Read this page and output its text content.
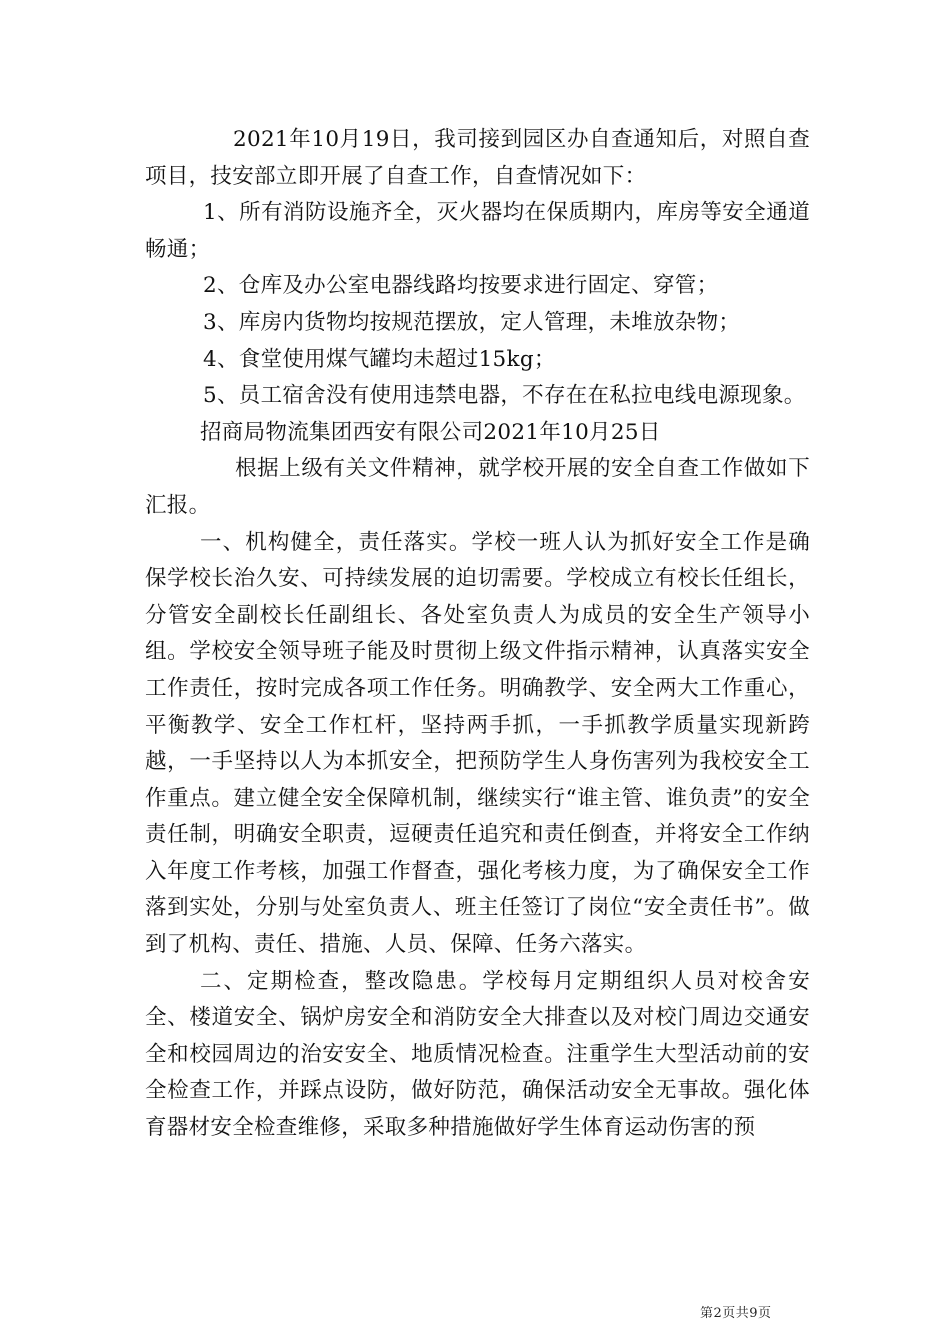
2021年10月19日，我司接到园区办自查通知后，对照自查项目，技安部立即开展了自查工作，自查情况如下：

1、所有消防设施齐全，灭火器均在保质期内，库房等安全通道畅通；

2、仓库及办公室电器线路均按要求进行固定、穿管；

3、库房内货物均按规范摆放，定人管理，未堆放杂物；

4、食堂使用煤气罐均未超过15kg；

5、员工宿舍没有使用违禁电器，不存在在私拉电线电源现象。

招商局物流集团西安有限公司2021年10月25日

根据上级有关文件精神，就学校开展的安全自查工作做如下汇报。

一、机构健全，责任落实。学校一班人认为抓好安全工作是确保学校长治久安、可持续发展的迫切需要。学校成立有校长任组长，分管安全副校长任副组长、各处室负责人为成员的安全生产领导小组。学校安全领导班子能及时贯彻上级文件指示精神，认真落实安全工作责任，按时完成各项工作任务。明确教学、安全两大工作重心，平衡教学、安全工作杠杆，坚持两手抓，一手抓教学质量实现新跨越，一手坚持以人为本抓安全，把预防学生人身伤害列为我校安全工作重点。建立健全安全保障机制，继续实行“谁主管、谁负责”的安全责任制，明确安全职责，逗硬责任追究和责任倒查，并将安全工作纳入年度工作考核，加强工作督查，强化考核力度，为了确保安全工作落到实处，分别与处室负责人、班主任签订了岗位“安全责任书”。做到了机构、责任、措施、人员、保障、任务六落实。

二、定期检查，整改隐患。学校每月定期组织人员对校舍安全、楼道安全、锅炉房安全和消防安全大排查以及对校门周边交通安全和校园周边的治安安全、地质情况检查。注重学生大型活动前的安全检查工作，并踩点设防，做好防范，确保活动安全无事故。强化体育器材安全检查维修，采取多种措施做好学生体育运动伤害的预

第2页共9页
